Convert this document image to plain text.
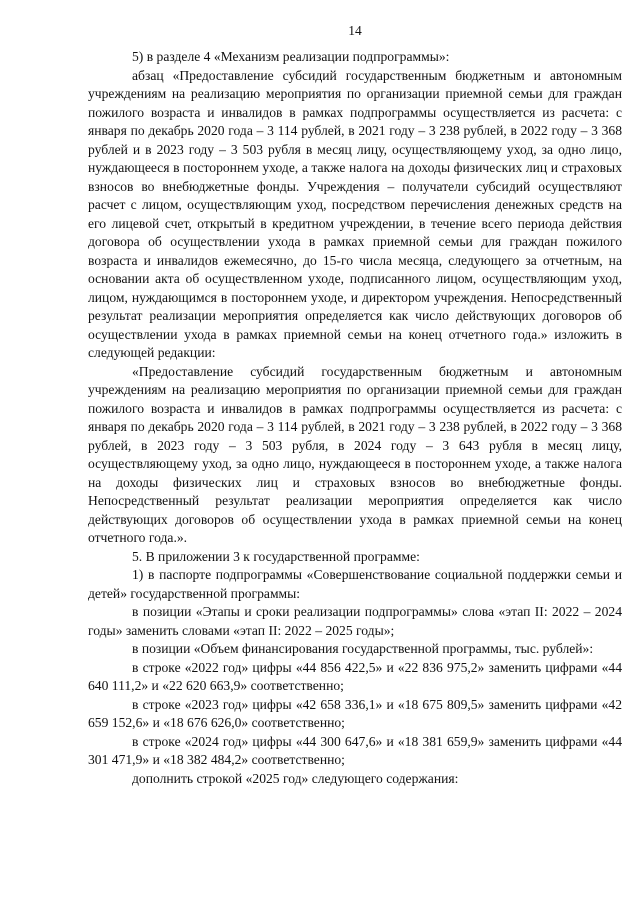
14

5) в разделе 4 «Механизм реализации подпрограммы»:

абзац «Предоставление субсидий государственным бюджетным и автономным учреждениям на реализацию мероприятия по организации приемной семьи для граждан пожилого возраста и инвалидов в рамках подпрограммы осуществляется из расчета: с января по декабрь 2020 года – 3 114 рублей, в 2021 году – 3 238 рублей, в 2022 году – 3 368 рублей и в 2023 году – 3 503 рубля в месяц лицу, осуществляющему уход, за одно лицо, нуждающееся в постороннем уходе, а также налога на доходы физических лиц и страховых взносов во внебюджетные фонды. Учреждения – получатели субсидий осуществляют расчет с лицом, осуществляющим уход, посредством перечисления денежных средств на его лицевой счет, открытый в кредитном учреждении, в течение всего периода действия договора об осуществлении ухода в рамках приемной семьи для граждан пожилого возраста и инвалидов ежемесячно, до 15-го числа месяца, следующего за отчетным, на основании акта об осуществленном уходе, подписанного лицом, осуществляющим уход, лицом, нуждающимся в постороннем уходе, и директором учреждения. Непосредственный результат реализации мероприятия определяется как число действующих договоров об осуществлении ухода в рамках приемной семьи на конец отчетного года.» изложить в следующей редакции:

«Предоставление субсидий государственным бюджетным и автономным учреждениям на реализацию мероприятия по организации приемной семьи для граждан пожилого возраста и инвалидов в рамках подпрограммы осуществляется из расчета: с января по декабрь 2020 года – 3 114 рублей, в 2021 году – 3 238 рублей, в 2022 году – 3 368 рублей, в 2023 году – 3 503 рубля, в 2024 году – 3 643 рубля в месяц лицу, осуществляющему уход, за одно лицо, нуждающееся в постороннем уходе, а также налога на доходы физических лиц и страховых взносов во внебюджетные фонды. Непосредственный результат реализации мероприятия определяется как число действующих договоров об осуществлении ухода в рамках приемной семьи на конец отчетного года.».

5. В приложении 3 к государственной программе:

1) в паспорте подпрограммы «Совершенствование социальной поддержки семьи и детей» государственной программы:

в позиции «Этапы и сроки реализации подпрограммы» слова «этап II: 2022 – 2024 годы» заменить словами «этап II: 2022 – 2025 годы»;

в позиции «Объем финансирования государственной программы, тыс. рублей»:

в строке «2022 год» цифры «44 856 422,5» и «22 836 975,2» заменить цифрами «44 640 111,2» и «22 620 663,9» соответственно;

в строке «2023 год» цифры «42 658 336,1» и «18 675 809,5» заменить цифрами «42 659 152,6» и «18 676 626,0» соответственно;

в строке «2024 год» цифры «44 300 647,6» и «18 381 659,9» заменить цифрами «44 301 471,9» и «18 382 484,2» соответственно;

дополнить строкой «2025 год» следующего содержания:
